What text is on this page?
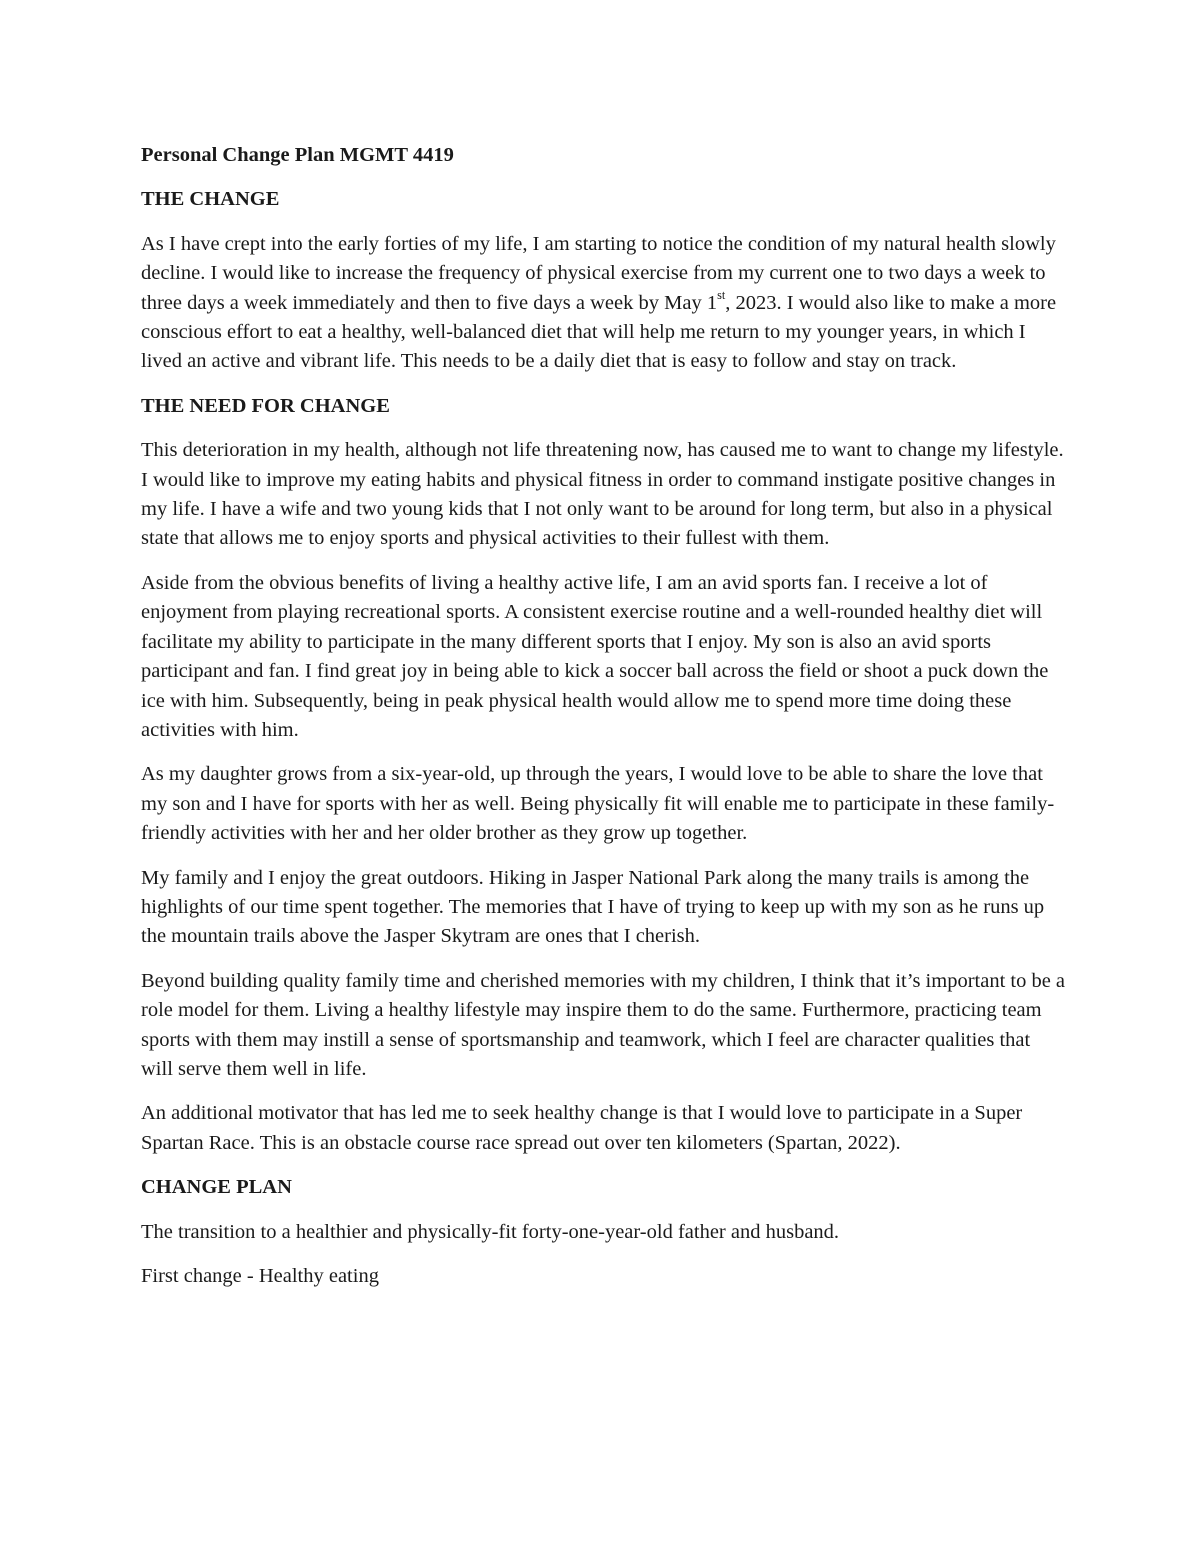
Personal Change Plan MGMT 4419
THE CHANGE
As I have crept into the early forties of my life, I am starting to notice the condition of my natural health slowly decline. I would like to increase the frequency of physical exercise from my current one to two days a week to three days a week immediately and then to five days a week by May 1st, 2023. I would also like to make a more conscious effort to eat a healthy, well-balanced diet that will help me return to my younger years, in which I lived an active and vibrant life. This needs to be a daily diet that is easy to follow and stay on track.
THE NEED FOR CHANGE
This deterioration in my health, although not life threatening now, has caused me to want to change my lifestyle. I would like to improve my eating habits and physical fitness in order to command instigate positive changes in my life. I have a wife and two young kids that I not only want to be around for long term, but also in a physical state that allows me to enjoy sports and physical activities to their fullest with them.
Aside from the obvious benefits of living a healthy active life, I am an avid sports fan. I receive a lot of enjoyment from playing recreational sports. A consistent exercise routine and a well-rounded healthy diet will facilitate my ability to participate in the many different sports that I enjoy. My son is also an avid sports participant and fan. I find great joy in being able to kick a soccer ball across the field or shoot a puck down the ice with him. Subsequently, being in peak physical health would allow me to spend more time doing these activities with him.
As my daughter grows from a six-year-old, up through the years, I would love to be able to share the love that my son and I have for sports with her as well. Being physically fit will enable me to participate in these family-friendly activities with her and her older brother as they grow up together.
My family and I enjoy the great outdoors. Hiking in Jasper National Park along the many trails is among the highlights of our time spent together. The memories that I have of trying to keep up with my son as he runs up the mountain trails above the Jasper Skytram are ones that I cherish.
Beyond building quality family time and cherished memories with my children, I think that it’s important to be a role model for them. Living a healthy lifestyle may inspire them to do the same. Furthermore, practicing team sports with them may instill a sense of sportsmanship and teamwork, which I feel are character qualities that will serve them well in life.
An additional motivator that has led me to seek healthy change is that I would love to participate in a Super Spartan Race. This is an obstacle course race spread out over ten kilometers (Spartan, 2022).
CHANGE PLAN
The transition to a healthier and physically-fit forty-one-year-old father and husband.
First change - Healthy eating
